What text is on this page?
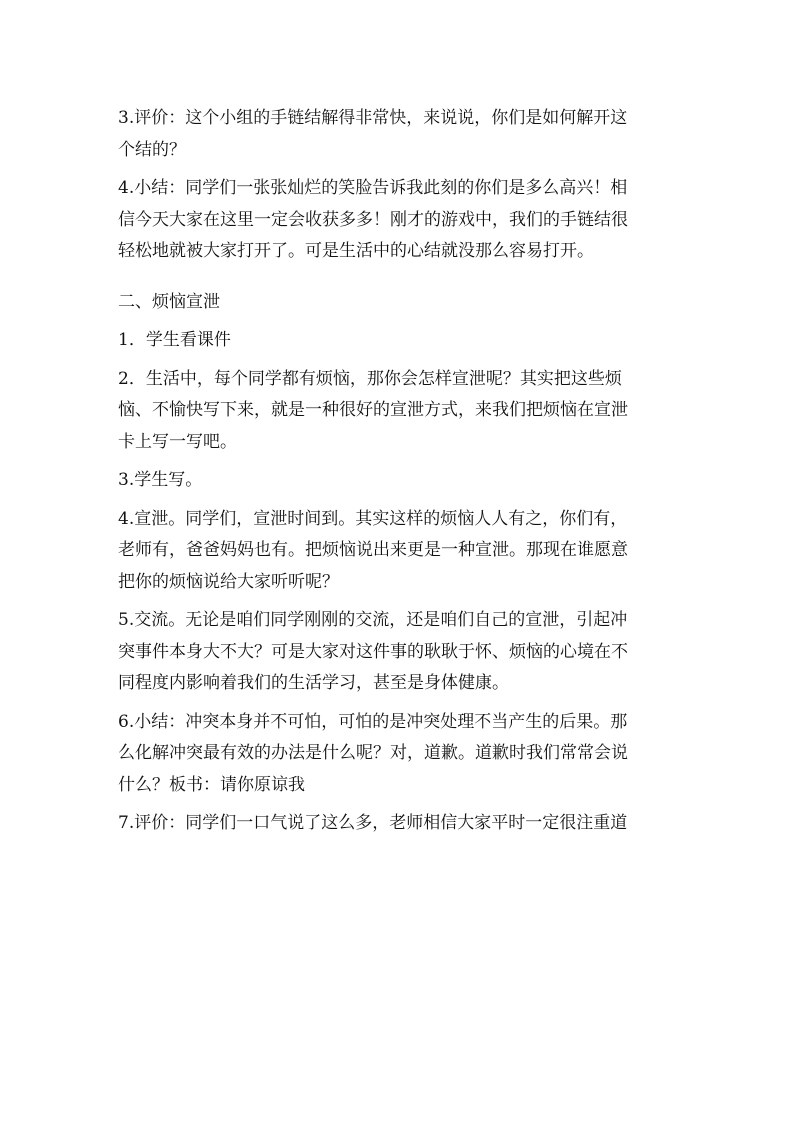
3.评价：这个小组的手链结解得非常快，来说说，你们是如何解开这
个结的？

4.小结：同学们一张张灿烂的笑脸告诉我此刻的你们是多么高兴！相
信今天大家在这里一定会收获多多！刚才的游戏中，我们的手链结很
轻松地就被大家打开了。可是生活中的心结就没那么容易打开。

二、烦恼宣泄

1．学生看课件

2．生活中，每个同学都有烦恼，那你会怎样宣泄呢？其实把这些烦
恼、不愉快写下来，就是一种很好的宣泄方式，来我们把烦恼在宣泄
卡上写一写吧。

3.学生写。

4.宣泄。同学们，宣泄时间到。其实这样的烦恼人人有之，你们有，
老师有，爸爸妈妈也有。把烦恼说出来更是一种宣泄。那现在谁愿意
把你的烦恼说给大家听听呢？

5.交流。无论是咱们同学刚刚的交流，还是咱们自己的宣泄，引起冲
突事件本身大不大？可是大家对这件事的耿耿于怀、烦恼的心境在不
同程度内影响着我们的生活学习，甚至是身体健康。

6.小结：冲突本身并不可怕，可怕的是冲突处理不当产生的后果。那
么化解冲突最有效的办法是什么呢？对，道歉。道歉时我们常常会说
什么？板书：请你原谅我

7.评价：同学们一口气说了这么多，老师相信大家平时一定很注重道
